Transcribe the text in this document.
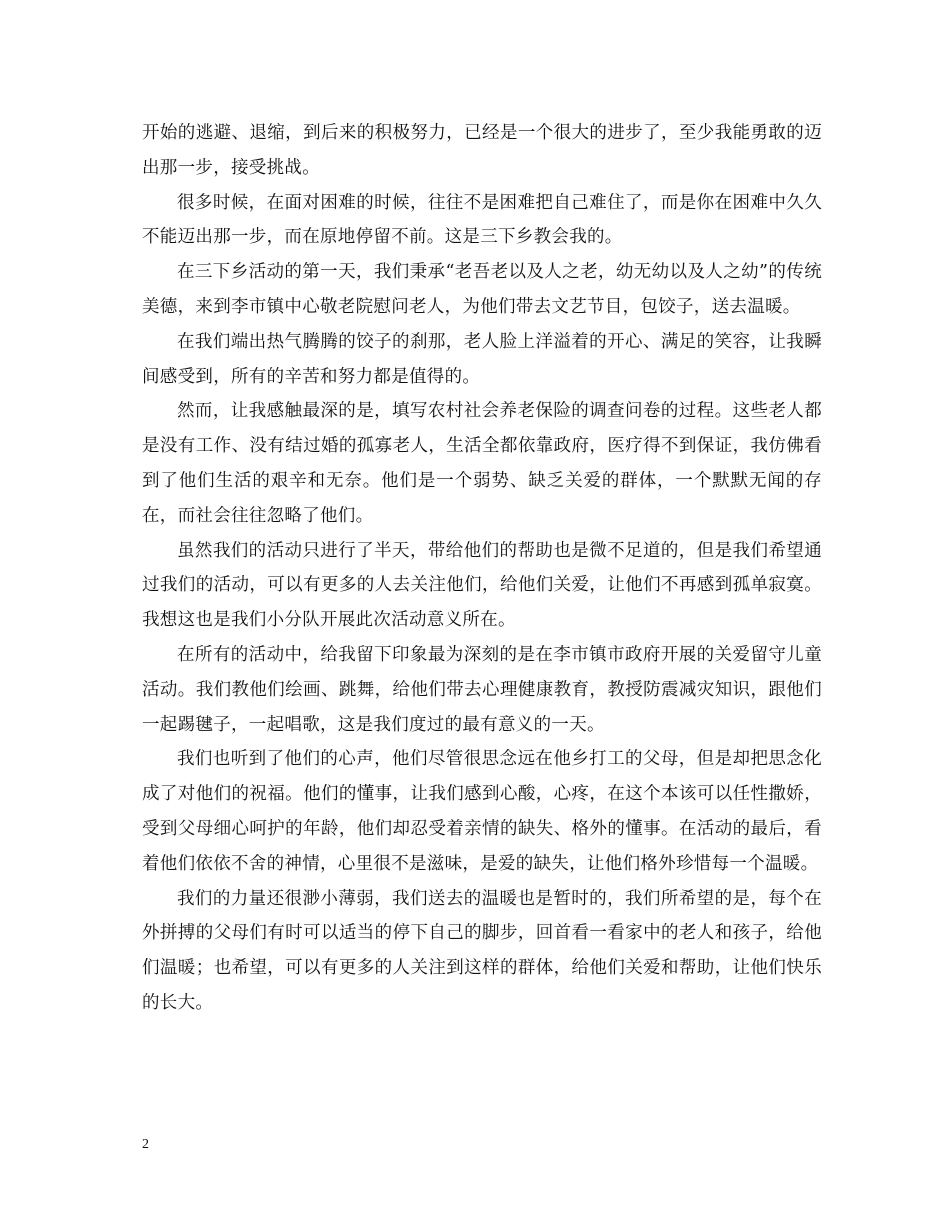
开始的逃避、退缩，到后来的积极努力，已经是一个很大的进步了，至少我能勇敢的迈出那一步，接受挑战。

很多时候，在面对困难的时候，往往不是困难把自己难住了，而是你在困难中久久不能迈出那一步，而在原地停留不前。这是三下乡教会我的。

在三下乡活动的第一天，我们秉承“老吾老以及人之老，幼无幼以及人之幼”的传统美德，来到李市镇中心敬老院慰问老人，为他们带去文艺节目，包饺子，送去温暖。

在我们端出热气腾腾的饺子的刹那，老人脸上洋溢着的开心、满足的笑容，让我瞬间感受到，所有的辛苦和努力都是值得的。

然而，让我感触最深的是，填写农村社会养老保险的调查问卷的过程。这些老人都是没有工作、没有结过婚的孤寡老人，生活全都依靠政府，医疗得不到保证，我仿佛看到了他们生活的艰辛和无奈。他们是一个弱势、缺乏关爱的群体，一个默默无闻的存在，而社会往往忽略了他们。

虽然我们的活动只进行了半天，带给他们的帮助也是微不足道的，但是我们希望通过我们的活动，可以有更多的人去关注他们，给他们关爱，让他们不再感到孤单寂寞。我想这也是我们小分队开展此次活动意义所在。

在所有的活动中，给我留下印象最为深刻的是在李市镇市政府开展的关爱留守儿童活动。我们教他们绘画、跳舞，给他们带去心理健康教育，教授防震减灾知识，跟他们一起踢毽子，一起唱歌，这是我们度过的最有意义的一天。

我们也听到了他们的心声，他们尽管很思念远在他乡打工的父母，但是却把思念化成了对他们的祝福。他们的懂事，让我们感到心酸，心疼，在这个本该可以任性撒娇，受到父母细心呵护的年龄，他们却忍受着亲情的缺失、格外的懂事。在活动的最后，看着他们依依不舍的神情，心里很不是滋味，是爱的缺失，让他们格外珍惜每一个温暖。

我们的力量还很渺小薄弱，我们送去的温暖也是暂时的，我们所希望的是，每个在外拼搏的父母们有时可以适当的停下自己的脚步，回首看一看家中的老人和孩子，给他们温暖；也希望，可以有更多的人关注到这样的群体，给他们关爱和帮助，让他们快乐的长大。

2
